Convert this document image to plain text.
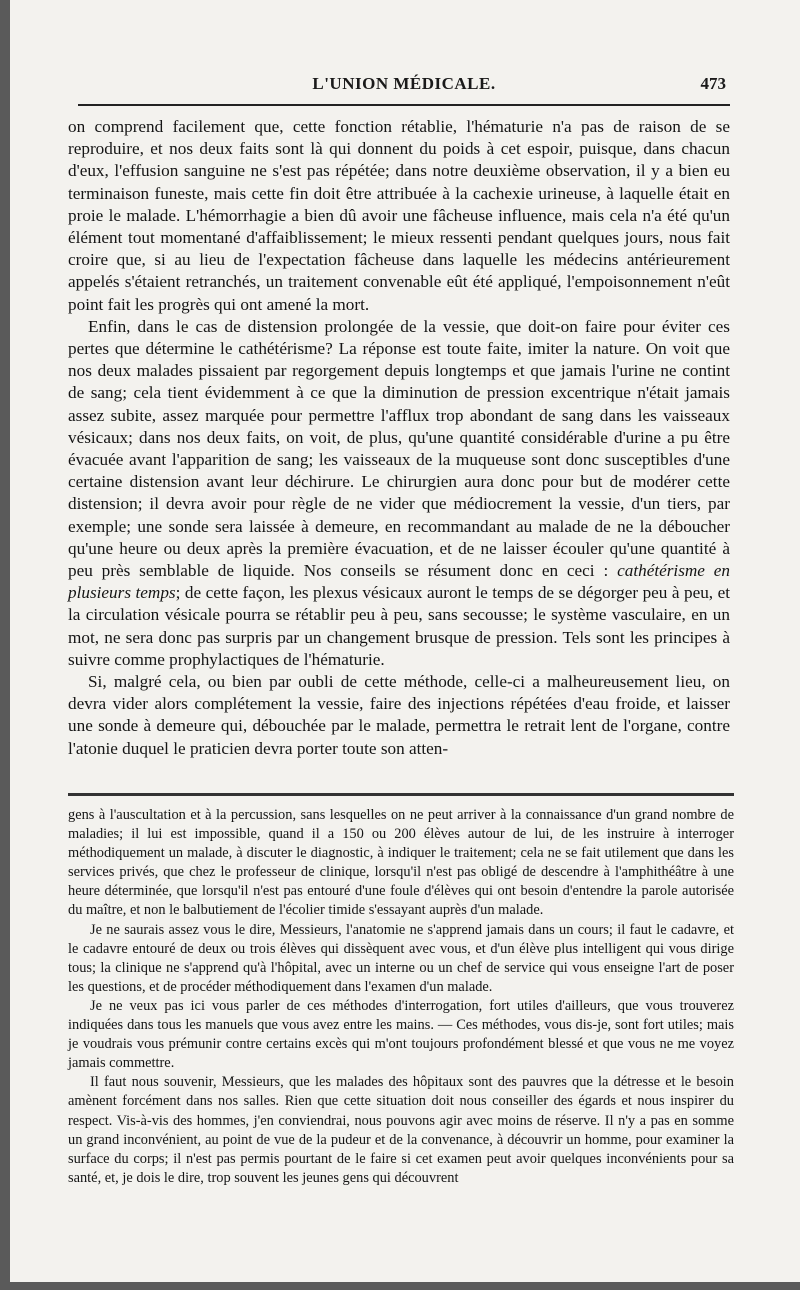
L'UNION MÉDICALE.	473

on comprend facilement que, cette fonction rétablie, l'hématurie n'a pas de raison de se reproduire, et nos deux faits sont là qui donnent du poids à cet espoir, puisque, dans chacun d'eux, l'effusion sanguine ne s'est pas répétée; dans notre deuxième observation, il y a bien eu terminaison funeste, mais cette fin doit être attribuée à la cachexie urineuse, à laquelle était en proie le malade. L'hémorrhagie a bien dû avoir une fâcheuse influence, mais cela n'a été qu'un élément tout momentané d'affaiblissement; le mieux ressenti pendant quelques jours, nous fait croire que, si au lieu de l'expectation fâcheuse dans laquelle les médecins antérieurement appelés s'étaient retranchés, un traitement convenable eût été appliqué, l'empoisonnement n'eût point fait les progrès qui ont amené la mort.

Enfin, dans le cas de distension prolongée de la vessie, que doit-on faire pour éviter ces pertes que détermine le cathétérisme? La réponse est toute faite, imiter la nature. On voit que nos deux malades pissaient par regorgement depuis longtemps et que jamais l'urine ne contint de sang; cela tient évidemment à ce que la diminution de pression excentrique n'était jamais assez subite, assez marquée pour permettre l'afflux trop abondant de sang dans les vaisseaux vésicaux; dans nos deux faits, on voit, de plus, qu'une quantité considérable d'urine a pu être évacuée avant l'apparition de sang; les vaisseaux de la muqueuse sont donc susceptibles d'une certaine distension avant leur déchirure. Le chirurgien aura donc pour but de modérer cette distension; il devra avoir pour règle de ne vider que médiocrement la vessie, d'un tiers, par exemple; une sonde sera laissée à demeure, en recommandant au malade de ne la déboucher qu'une heure ou deux après la première évacuation, et de ne laisser écouler qu'une quantité à peu près semblable de liquide. Nos conseils se résument donc en ceci : cathétérisme en plusieurs temps; de cette façon, les plexus vésicaux auront le temps de se dégorger peu à peu, et la circulation vésicale pourra se rétablir peu à peu, sans secousse; le système vasculaire, en un mot, ne sera donc pas surpris par un changement brusque de pression. Tels sont les principes à suivre comme prophylactiques de l'hématurie.

Si, malgré cela, ou bien par oubli de cette méthode, celle-ci a malheureusement lieu, on devra vider alors complétement la vessie, faire des injections répétées d'eau froide, et laisser une sonde à demeure qui, débouchée par le malade, permettra le retrait lent de l'organe, contre l'atonie duquel le praticien devra porter toute son atten-

gens à l'auscultation et à la percussion, sans lesquelles on ne peut arriver à la connaissance d'un grand nombre de maladies; il lui est impossible, quand il a 150 ou 200 élèves autour de lui, de les instruire à interroger méthodiquement un malade, à discuter le diagnostic, à indiquer le traitement; cela ne se fait utilement que dans les services privés, que chez le professeur de clinique, lorsqu'il n'est pas obligé de descendre à l'amphithéâtre à une heure déterminée, que lorsqu'il n'est pas entouré d'une foule d'élèves qui ont besoin d'entendre la parole autorisée du maître, et non le balbutiement de l'écolier timide s'essayant auprès d'un malade.

Je ne saurais assez vous le dire, Messieurs, l'anatomie ne s'apprend jamais dans un cours; il faut le cadavre, et le cadavre entouré de deux ou trois élèves qui dissèquent avec vous, et d'un élève plus intelligent qui vous dirige tous; la clinique ne s'apprend qu'à l'hôpital, avec un interne ou un chef de service qui vous enseigne l'art de poser les questions, et de procéder méthodiquement dans l'examen d'un malade.

Je ne veux pas ici vous parler de ces méthodes d'interrogation, fort utiles d'ailleurs, que vous trouverez indiquées dans tous les manuels que vous avez entre les mains. — Ces méthodes, vous dis-je, sont fort utiles; mais je voudrais vous prémunir contre certains excès qui m'ont toujours profondément blessé et que vous ne me voyez jamais commettre.

Il faut nous souvenir, Messieurs, que les malades des hôpitaux sont des pauvres que la détresse et le besoin amènent forcément dans nos salles. Rien que cette situation doit nous conseiller des égards et nous inspirer du respect. Vis-à-vis des hommes, j'en conviendrai, nous pouvons agir avec moins de réserve. Il n'y a pas en somme un grand inconvénient, au point de vue de la pudeur et de la convenance, à découvrir un homme, pour examiner la surface du corps; il n'est pas permis pourtant de le faire si cet examen peut avoir quelques inconvénients pour sa santé, et, je dois le dire, trop souvent les jeunes gens qui découvrent
